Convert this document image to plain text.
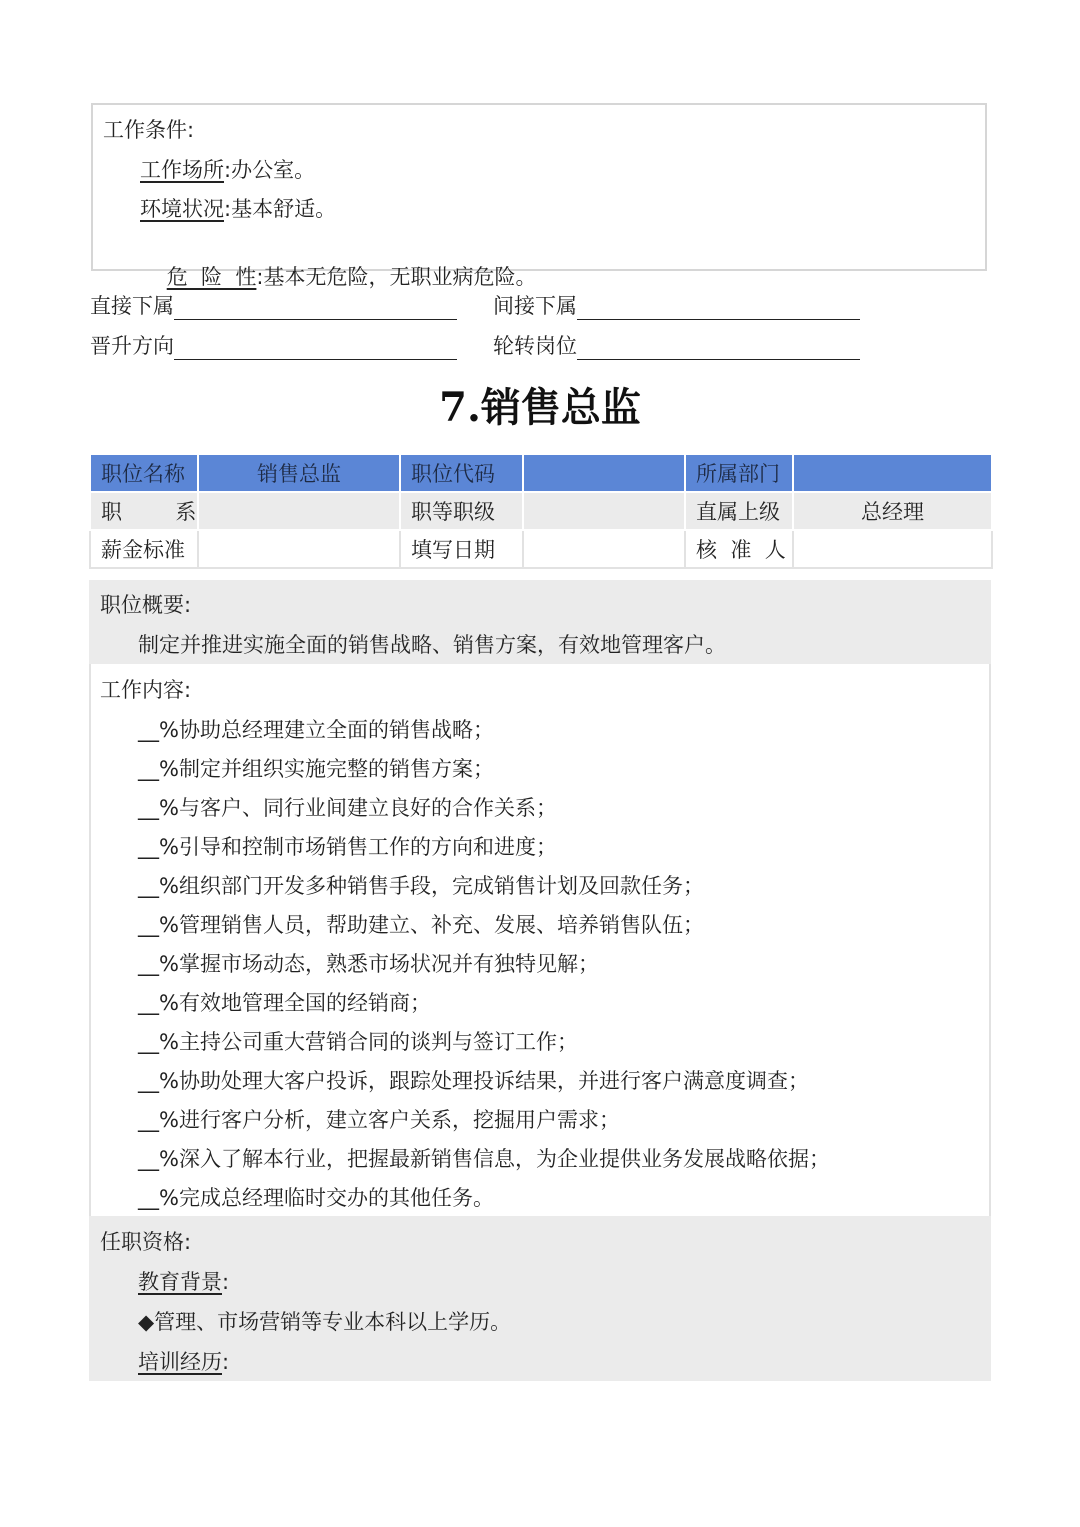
工作条件:
工作场所:办公室。
环境状况:基本舒适。

危  险  性:基本无危险，无职业病危险。

直接下属	间接下属
晋升方向	轮转岗位
7.销售总监
职位名称	销售总监	职位代码		所属部门	
职        系		职等职级		直属上级	总经理
薪金标准		填写日期		核  准  人	
职位概要:
制定并推进实施全面的销售战略、销售方案，有效地管理客户。
工作内容:
__%协助总经理建立全面的销售战略；
__%制定并组织实施完整的销售方案；
__%与客户、同行业间建立良好的合作关系；
__%引导和控制市场销售工作的方向和进度；
__%组织部门开发多种销售手段，完成销售计划及回款任务；
__%管理销售人员，帮助建立、补充、发展、培养销售队伍；
__%掌握市场动态，熟悉市场状况并有独特见解；
__%有效地管理全国的经销商；
__%主持公司重大营销合同的谈判与签订工作；
__%协助处理大客户投诉，跟踪处理投诉结果，并进行客户满意度调查；
__%进行客户分析，建立客户关系，挖掘用户需求；
__%深入了解本行业，把握最新销售信息，为企业提供业务发展战略依据；
__%完成总经理临时交办的其他任务。
任职资格:
教育背景:
◆管理、市场营销等专业本科以上学历。
培训经历:
